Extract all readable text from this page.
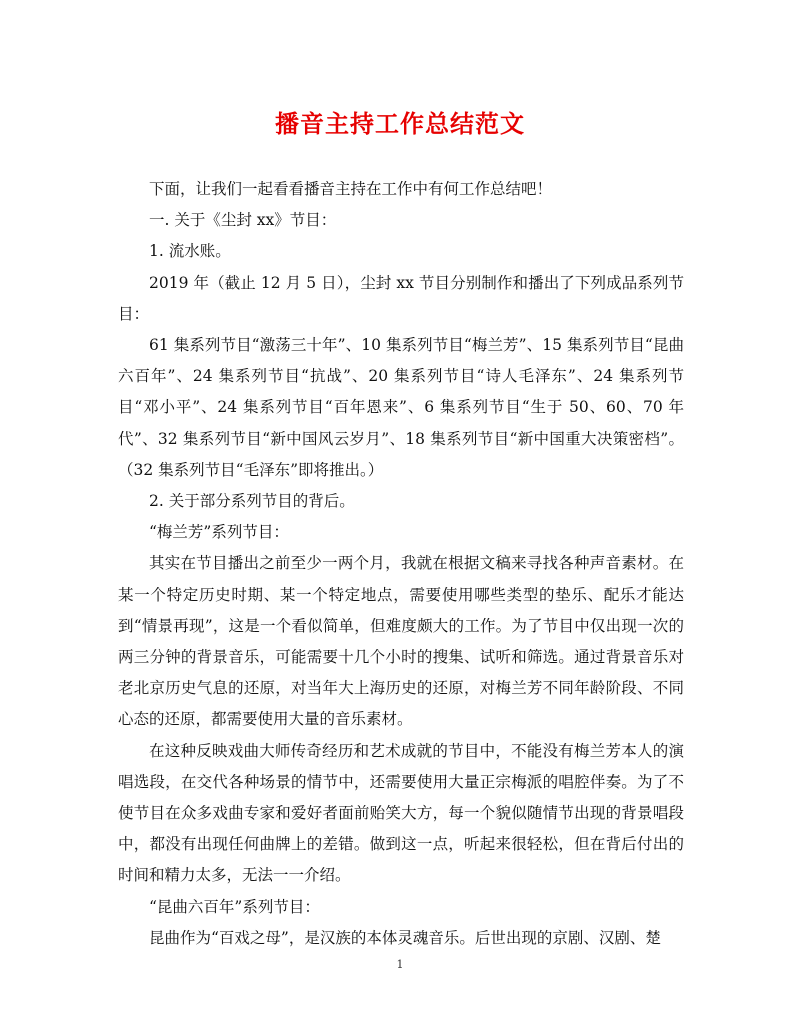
播音主持工作总结范文

下面，让我们一起看看播音主持在工作中有何工作总结吧！

一. 关于《尘封 xx》节目：

1. 流水账。

2019 年（截止 12 月 5 日），尘封 xx 节目分别制作和播出了下列成品系列节目：

61 集系列节目“激荡三十年”、10 集系列节目“梅兰芳”、15 集系列节目“昆曲六百年”、24 集系列节目“抗战”、20 集系列节目“诗人毛泽东”、24 集系列节目“邓小平”、24 集系列节目“百年恩来”、6 集系列节目“生于 50、60、70 年代”、32 集系列节目“新中国风云岁月”、18 集系列节目“新中国重大决策密档”。（32 集系列节目“毛泽东”即将推出。）

2. 关于部分系列节目的背后。

“梅兰芳”系列节目：

其实在节目播出之前至少一两个月，我就在根据文稿来寻找各种声音素材。在某一个特定历史时期、某一个特定地点，需要使用哪些类型的垫乐、配乐才能达到“情景再现”，这是一个看似简单，但难度颇大的工作。为了节目中仅出现一次的两三分钟的背景音乐，可能需要十几个小时的搜集、试听和筛选。通过背景音乐对老北京历史气息的还原，对当年大上海历史的还原，对梅兰芳不同年龄阶段、不同心态的还原，都需要使用大量的音乐素材。

在这种反映戏曲大师传奇经历和艺术成就的节目中，不能没有梅兰芳本人的演唱选段，在交代各种场景的情节中，还需要使用大量正宗梅派的唱腔伴奏。为了不使节目在众多戏曲专家和爱好者面前贻笑大方，每一个貌似随情节出现的背景唱段中，都没有出现任何曲牌上的差错。做到这一点，听起来很轻松，但在背后付出的时间和精力太多，无法一一介绍。

“昆曲六百年”系列节目：

昆曲作为“百戏之母”，是汉族的本体灵魂音乐。后世出现的京剧、汉剧、楚

1
